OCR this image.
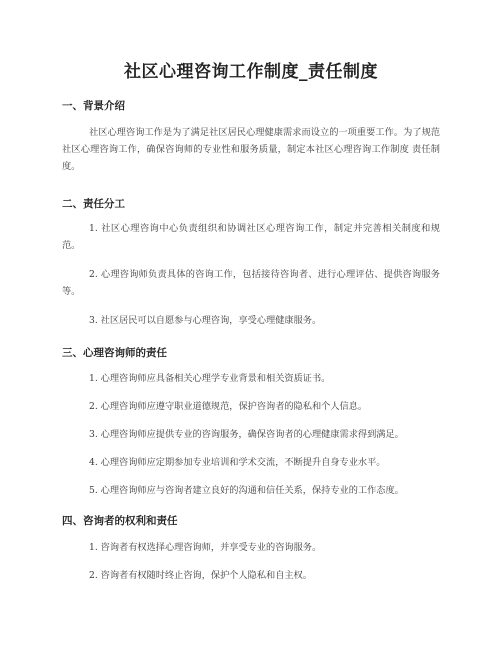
社区心理咨询工作制度_责任制度
一、背景介绍

社区心理咨询工作是为了满足社区居民心理健康需求而设立的一项重要工作。为了规范社区心理咨询工作，确保咨询师的专业性和服务质量，制定本社区心理咨询工作制度 责任制度。

二、责任分工

1. 社区心理咨询中心负责组织和协调社区心理咨询工作，制定并完善相关制度和规范。

2. 心理咨询师负责具体的咨询工作，包括接待咨询者、进行心理评估、提供咨询服务等。

3. 社区居民可以自愿参与心理咨询，享受心理健康服务。

三、心理咨询师的责任

1. 心理咨询师应具备相关心理学专业背景和相关资质证书。

2. 心理咨询师应遵守职业道德规范，保护咨询者的隐私和个人信息。

3. 心理咨询师应提供专业的咨询服务，确保咨询者的心理健康需求得到满足。

4. 心理咨询师应定期参加专业培训和学术交流，不断提升自身专业水平。

5. 心理咨询师应与咨询者建立良好的沟通和信任关系，保持专业的工作态度。

四、咨询者的权利和责任

1. 咨询者有权选择心理咨询师，并享受专业的咨询服务。

2. 咨询者有权随时终止咨询，保护个人隐私和自主权。
